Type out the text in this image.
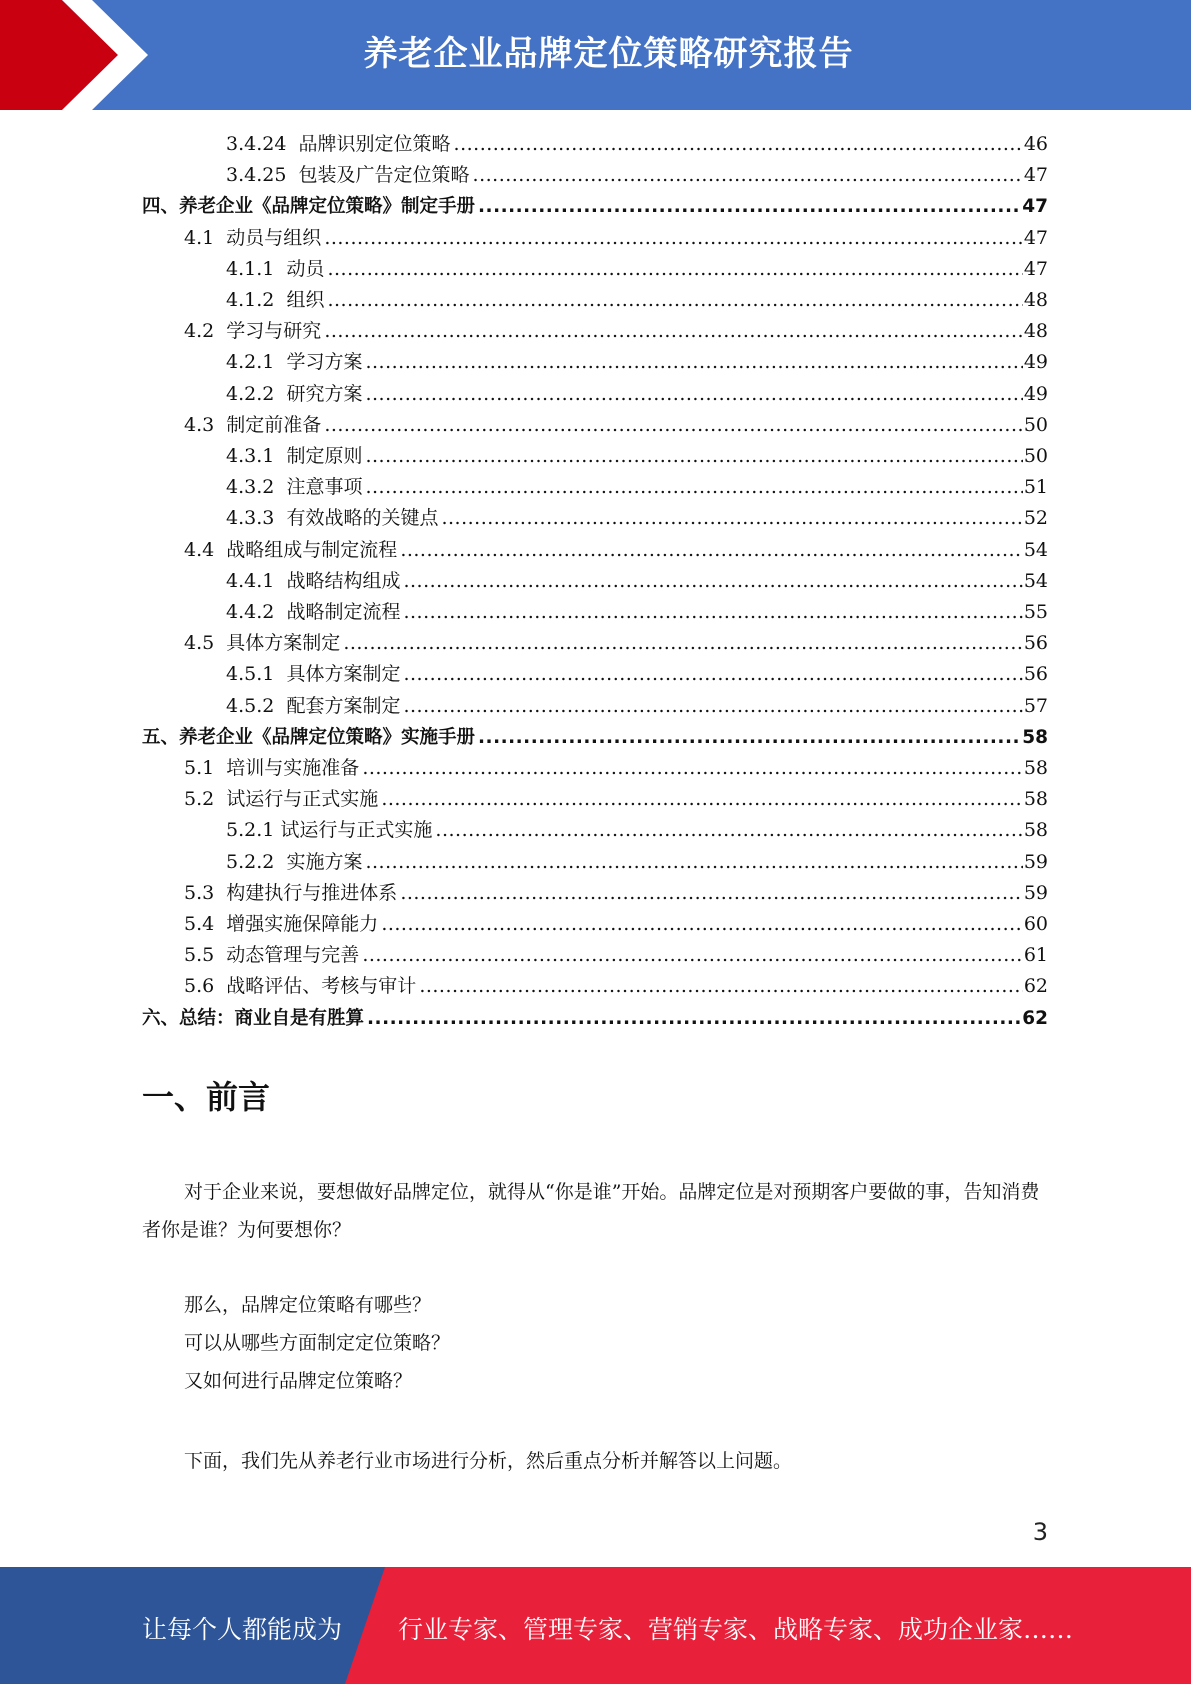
养老企业品牌定位策略研究报告
3.4.24 品牌识别定位策略 .....	46
3.4.25 包装及广告定位策略 .....	47
四、养老企业《品牌定位策略》制定手册 .....	47
4.1 动员与组织 .....	47
4.1.1 动员 .....	47
4.1.2 组织 .....	48
4.2 学习与研究 .....	48
4.2.1 学习方案 .....	49
4.2.2 研究方案 .....	49
4.3 制定前准备 .....	50
4.3.1 制定原则 .....	50
4.3.2 注意事项 .....	51
4.3.3 有效战略的关键点 .....	52
4.4 战略组成与制定流程 .....	54
4.4.1 战略结构组成 .....	54
4.4.2 战略制定流程 .....	55
4.5 具体方案制定 .....	56
4.5.1 具体方案制定 .....	56
4.5.2 配套方案制定 .....	57
五、养老企业《品牌定位策略》实施手册 .....	58
5.1 培训与实施准备 .....	58
5.2 试运行与正式实施 .....	58
5.2.1 试运行与正式实施 .....	58
5.2.2 实施方案 .....	59
5.3 构建执行与推进体系 .....	59
5.4 增强实施保障能力 .....	60
5.5 动态管理与完善 .....	61
5.6 战略评估、考核与审计 .....	62
六、总结：商业自是有胜算 .....	62
一、前言
对于企业来说，要想做好品牌定位，就得从“你是谁”开始。品牌定位是对预期客户要做的事，告知消费者你是谁？为何要想你？
那么，品牌定位策略有哪些？
可以从哪些方面制定定位策略？
又如何进行品牌定位策略？
下面，我们先从养老行业市场进行分析，然后重点分析并解答以上问题。
3
让每个人都能成为 行业专家、管理专家、营销专家、战略专家、成功企业家……
